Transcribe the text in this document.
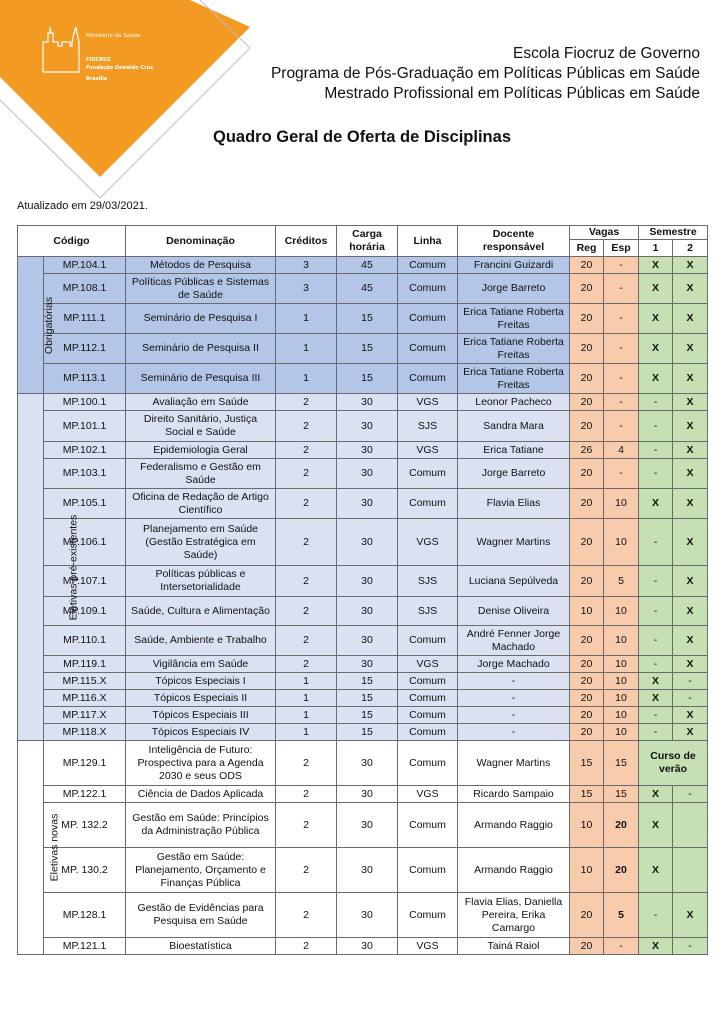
Ministério da Saúde
FIOCRUZ
Fundação Oswaldo Cruz
Brasília
Escola Fiocruz de Governo
Programa de Pós-Graduação em Políticas Públicas em Saúde
Mestrado Profissional em Políticas Públicas em Saúde
Quadro Geral de Oferta de Disciplinas
Atualizado em 29/03/2021.
Código		Denominação	Créditos	Carga horária	Linha	Docente responsável	Vagas		Semestre	
							Reg	Esp	1	2
Obrigatórias	MP.104.1	Métodos de Pesquisa	3	45	Comum	Francini Guizardi	20	-	X	X
	MP.108.1	Políticas Públicas e Sistemas de Saúde	3	45	Comum	Jorge Barreto	20	-	X	X
	MP.111.1	Seminário de Pesquisa I	1	15	Comum	Erica Tatiane Roberta Freitas	20	-	X	X
	MP.112.1	Seminário de Pesquisa II	1	15	Comum	Erica Tatiane Roberta Freitas	20	-	X	X
	MP.113.1	Seminário de Pesquisa III	1	15	Comum	Erica Tatiane Roberta Freitas	20	-	X	X
Eletivas pré-existentes	MP.100.1	Avaliação em Saúde	2	30	VGS	Leonor Pacheco	20	-	-	X
	MP.101.1	Direito Sanitário, Justiça Social e Saúde	2	30	SJS	Sandra Mara	20	-	-	X
	MP.102.1	Epidemiologia Geral	2	30	VGS	Erica Tatiane	26	4	-	X
	MP.103.1	Federalismo e Gestão em Saúde	2	30	Comum	Jorge Barreto	20	-	-	X
	MP.105.1	Oficina de Redação de Artigo Científico	2	30	Comum	Flavia Elias	20	10	X	X
	MP.106.1	Planejamento em Saúde (Gestão Estratégica em Saúde)	2	30	VGS	Wagner Martins	20	10	-	X
	MP.107.1	Políticas públicas e Intersetorialidade	2	30	SJS	Luciana Sepúlveda	20	5	-	X
	MP.109.1	Saúde, Cultura e Alimentação	2	30	SJS	Denise Oliveira	10	10	-	X
	MP.110.1	Saúde, Ambiente e Trabalho	2	30	Comum	André Fenner Jorge Machado	20	10	-	X
	MP.119.1	Vigilância em Saúde	2	30	VGS	Jorge Machado	20	10	-	X
	MP.115.X	Tópicos Especiais I	1	15	Comum	-	20	10	X	-
	MP.116.X	Tópicos Especiais II	1	15	Comum	-	20	10	X	-
	MP.117.X	Tópicos Especiais III	1	15	Comum	-	20	10	-	X
	MP.118.X	Tópicos Especiais IV	1	15	Comum	-	20	10	-	X
Eletivas novas	MP.129.1	Inteligência de Futuro: Prospectiva para a Agenda 2030 e seus ODS	2	30	Comum	Wagner Martins	15	15	Curso de verão	
	MP.122.1	Ciência de Dados Aplicada	2	30	VGS	Ricardo Sampaio	15	15	X	-
	MP. 132.2	Gestão em Saúde: Princípios da Administração Pública	2	30	Comum	Armando Raggio	10	20	X	
	MP. 130.2	Gestão em Saúde: Planejamento, Orçamento e Finanças Pública	2	30	Comum	Armando Raggio	10	20	X	
	MP.128.1	Gestão de Evidências para Pesquisa em Saúde	2	30	Comum	Flavia Elias, Daniella Pereira, Erika Camargo	20	5	-	X
	MP.121.1	Bioestatística	2	30	VGS	Tainá Raiol	20	-	X	-
